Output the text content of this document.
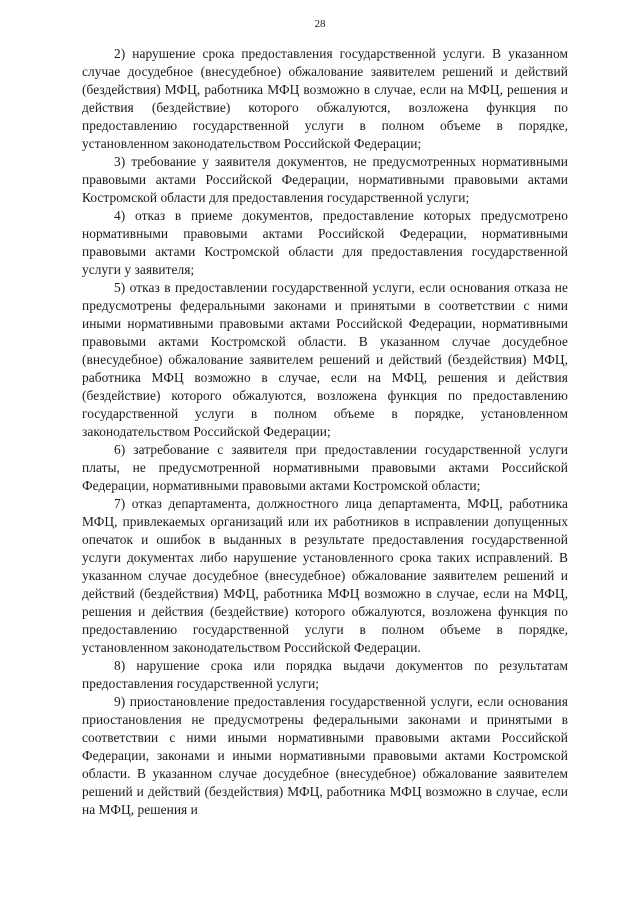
28

2) нарушение срока предоставления государственной услуги. В указанном случае досудебное (внесудебное) обжалование заявителем решений и действий (бездействия) МФЦ, работника МФЦ возможно в случае, если на МФЦ, решения и действия (бездействие) которого обжалуются, возложена функция по предоставлению государственной услуги в полном объеме в порядке, установленном законодательством Российской Федерации;

3) требование у заявителя документов, не предусмотренных нормативными правовыми актами Российской Федерации, нормативными правовыми актами Костромской области для предоставления государственной услуги;

4) отказ в приеме документов, предоставление которых предусмотрено нормативными правовыми актами Российской Федерации, нормативными правовыми актами Костромской области для предоставления государственной услуги у заявителя;

5) отказ в предоставлении государственной услуги, если основания отказа не предусмотрены федеральными законами и принятыми в соответствии с ними иными нормативными правовыми актами Российской Федерации, нормативными правовыми актами Костромской области. В указанном случае досудебное (внесудебное) обжалование заявителем решений и действий (бездействия) МФЦ, работника МФЦ возможно в случае, если на МФЦ, решения и действия (бездействие) которого обжалуются, возложена функция по предоставлению государственной услуги в полном объеме в порядке, установленном законодательством Российской Федерации;

6) затребование с заявителя при предоставлении государственной услуги платы, не предусмотренной нормативными правовыми актами Российской Федерации, нормативными правовыми актами Костромской области;

7) отказ департамента, должностного лица департамента, МФЦ, работника МФЦ, привлекаемых организаций или их работников в исправлении допущенных опечаток и ошибок в выданных в результате предоставления государственной услуги документах либо нарушение установленного срока таких исправлений. В указанном случае досудебное (внесудебное) обжалование заявителем решений и действий (бездействия) МФЦ, работника МФЦ возможно в случае, если на МФЦ, решения и действия (бездействие) которого обжалуются, возложена функция по предоставлению государственной услуги в полном объеме в порядке, установленном законодательством Российской Федерации.

8) нарушение срока или порядка выдачи документов по результатам предоставления государственной услуги;

9) приостановление предоставления государственной услуги, если основания приостановления не предусмотрены федеральными законами и принятыми в соответствии с ними иными нормативными правовыми актами Российской Федерации, законами и иными нормативными правовыми актами Костромской области. В указанном случае досудебное (внесудебное) обжалование заявителем решений и действий (бездействия) МФЦ, работника МФЦ возможно в случае, если на МФЦ, решения и
